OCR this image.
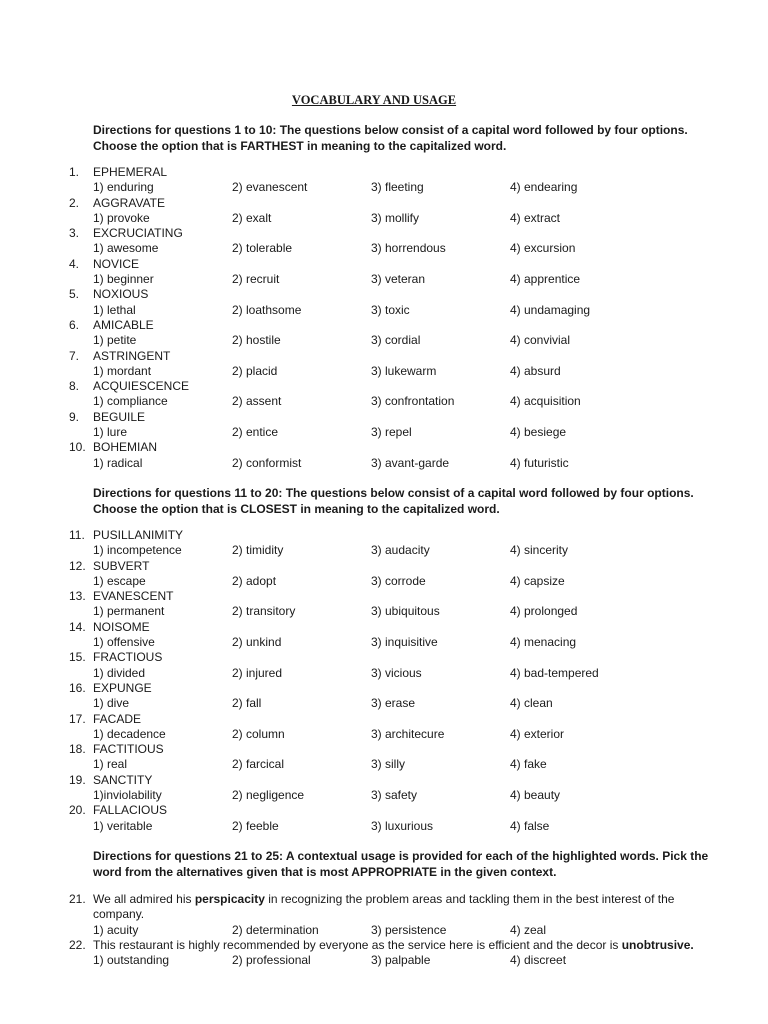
VOCABULARY AND USAGE
Directions for questions 1 to 10: The questions below consist of a capital word followed by four options. Choose the option that is FARTHEST in meaning to the capitalized word.
1. EPHEMERAL
1) enduring	2) evanescent	3) fleeting	4) endearing
2. AGGRAVATE
1) provoke	2) exalt	3) mollify	4) extract
3. EXCRUCIATING
1) awesome	2) tolerable	3) horrendous	4) excursion
4. NOVICE
1) beginner	2) recruit	3) veteran	4) apprentice
5. NOXIOUS
1) lethal	2) loathsome	3) toxic	4) undamaging
6. AMICABLE
1) petite	2) hostile	3) cordial	4) convivial
7. ASTRINGENT
1) mordant	2) placid	3) lukewarm	4) absurd
8. ACQUIESCENCE
1) compliance	2) assent	3) confrontation	4) acquisition
9. BEGUILE
1) lure	2) entice	3) repel	4) besiege
10. BOHEMIAN
1) radical	2) conformist	3) avant-garde	4) futuristic
Directions for questions 11 to 20: The questions below consist of a capital word followed by four options. Choose the option that is CLOSEST in meaning to the capitalized word.
11. PUSILLANIMITY
1) incompetence	2) timidity	3) audacity	4) sincerity
12. SUBVERT
1) escape	2) adopt	3) corrode	4) capsize
13. EVANESCENT
1) permanent	2) transitory	3) ubiquitous	4) prolonged
14. NOISOME
1) offensive	2) unkind	3) inquisitive	4) menacing
15. FRACTIOUS
1) divided	2) injured	3) vicious	4) bad-tempered
16. EXPUNGE
1) dive	2) fall	3) erase	4) clean
17. FACADE
1) decadence	2) column	3) architecure	4) exterior
18. FACTITIOUS
1) real	2) farcical	3) silly	4) fake
19. SANCTITY
1)inviolability	2) negligence	3) safety	4) beauty
20. FALLACIOUS
1) veritable	2) feeble	3) luxurious	4) false
Directions for questions 21 to 25: A contextual usage is provided for each of the highlighted words. Pick the word from the alternatives given that is most APPROPRIATE in the given context.
21. We all admired his perspicacity in recognizing the problem areas and tackling them in the best interest of the company.
1) acuity	2) determination	3) persistence	4) zeal
22. This restaurant is highly recommended by everyone as the service here is efficient and the decor is unobtrusive.
1) outstanding	2) professional	3) palpable	4) discreet
